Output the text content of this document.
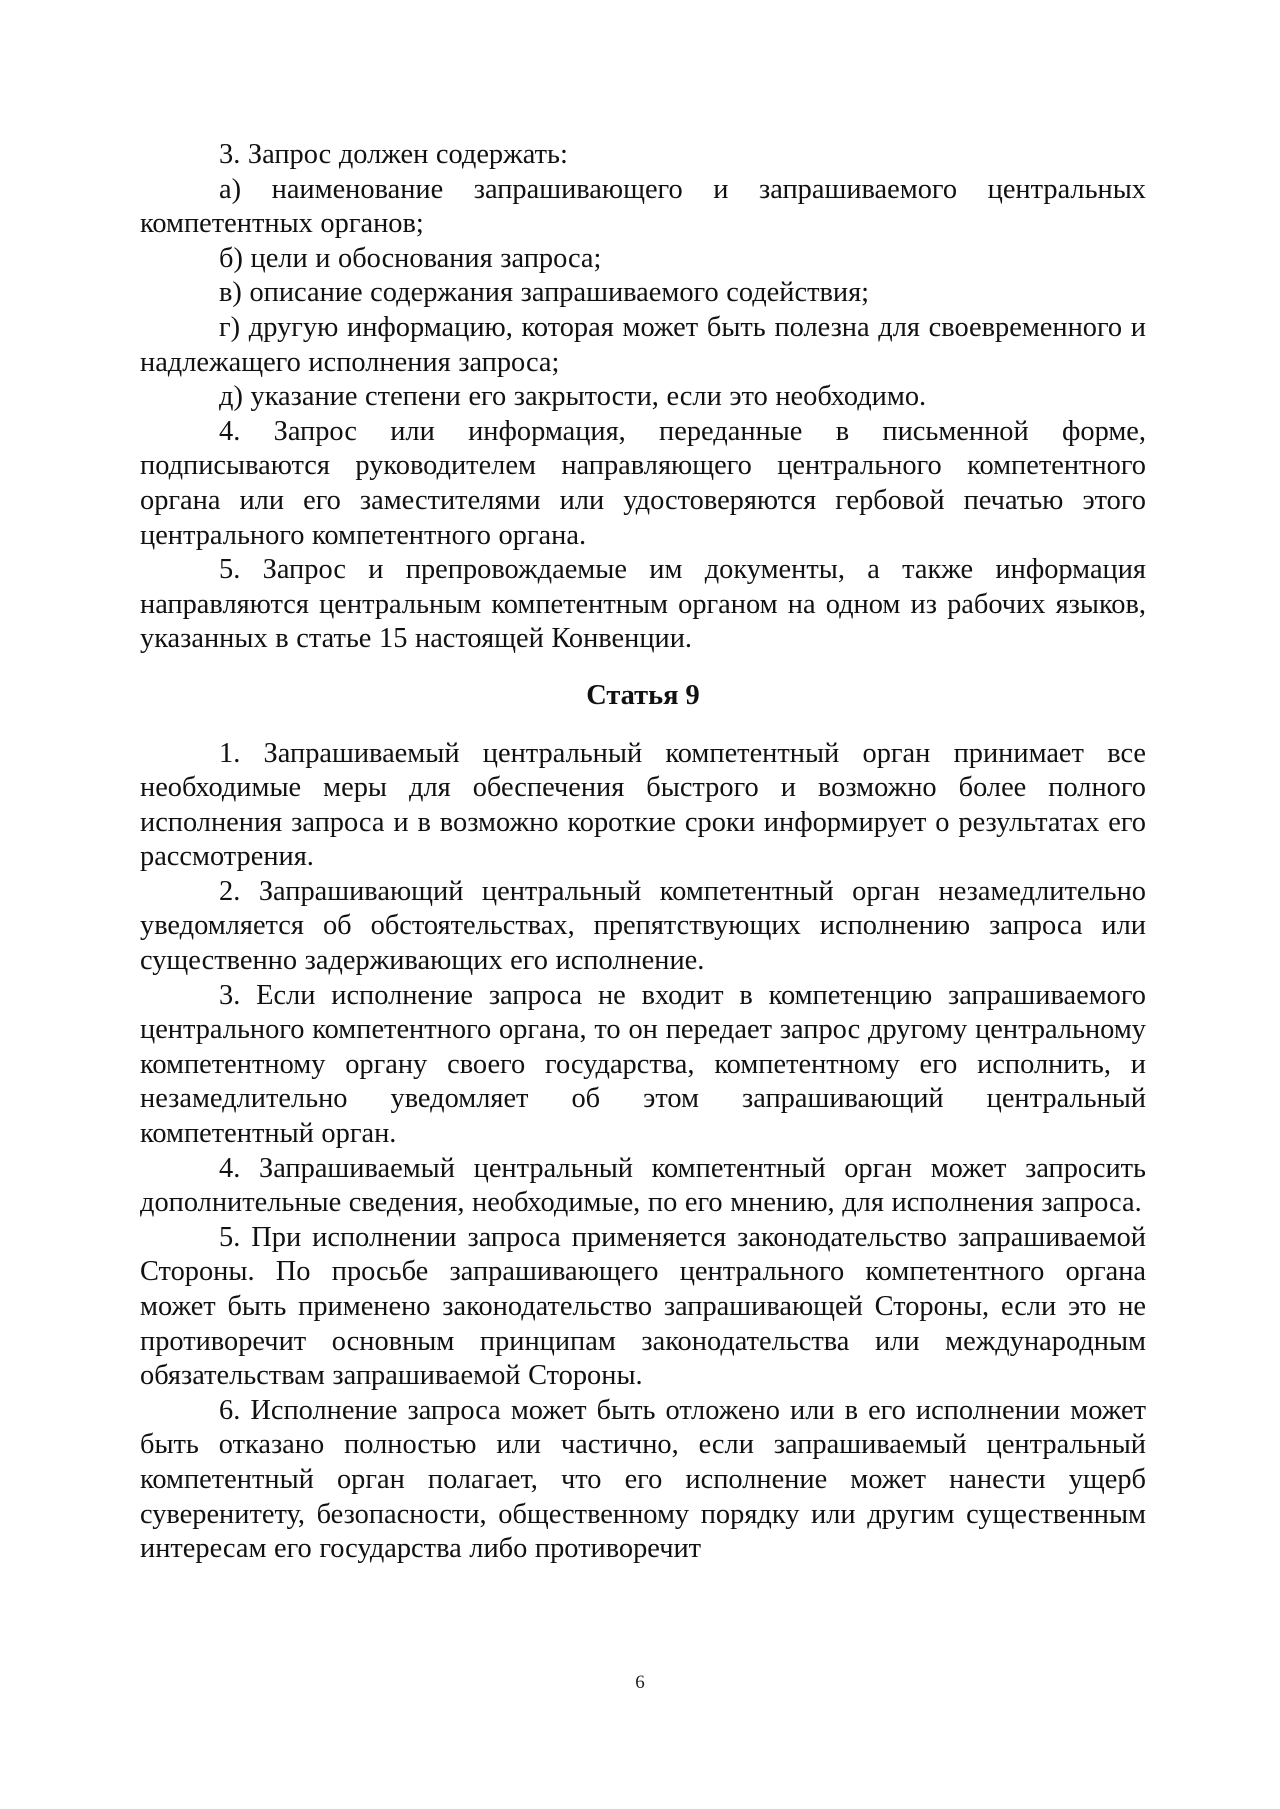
3. Запрос должен содержать:

а) наименование запрашивающего и запрашиваемого центральных компетентных органов;

б) цели и обоснования запроса;

в) описание содержания запрашиваемого содействия;

г) другую информацию, которая может быть полезна для своевременного и надлежащего исполнения запроса;

д) указание степени его закрытости, если это необходимо.

4. Запрос или информация, переданные в письменной форме, подписываются руководителем направляющего центрального компетентного органа или его заместителями или удостоверяются гербовой печатью этого центрального компетентного органа.

5. Запрос и препровождаемые им документы, а также информация направляются центральным компетентным органом на одном из рабочих языков, указанных в статье 15 настоящей Конвенции.

Статья 9

1. Запрашиваемый центральный компетентный орган принимает все необходимые меры для обеспечения быстрого и возможно более полного исполнения запроса и в возможно короткие сроки информирует о результатах его рассмотрения.

2. Запрашивающий центральный компетентный орган незамедлительно уведомляется об обстоятельствах, препятствующих исполнению запроса или существенно задерживающих его исполнение.

3. Если исполнение запроса не входит в компетенцию запрашиваемого центрального компетентного органа, то он передает запрос другому центральному компетентному органу своего государства, компетентному его исполнить, и незамедлительно уведомляет об этом запрашивающий центральный компетентный орган.

4. Запрашиваемый центральный компетентный орган может запросить дополнительные сведения, необходимые, по его мнению, для исполнения запроса.

5. При исполнении запроса применяется законодательство запрашиваемой Стороны. По просьбе запрашивающего центрального компетентного органа может быть применено законодательство запрашивающей Стороны, если это не противоречит основным принципам законодательства или международным обязательствам запрашиваемой Стороны.

6. Исполнение запроса может быть отложено или в его исполнении может быть отказано полностью или частично, если запрашиваемый центральный компетентный орган полагает, что его исполнение может нанести ущерб суверенитету, безопасности, общественному порядку или другим существенным интересам его государства либо противоречит

6
